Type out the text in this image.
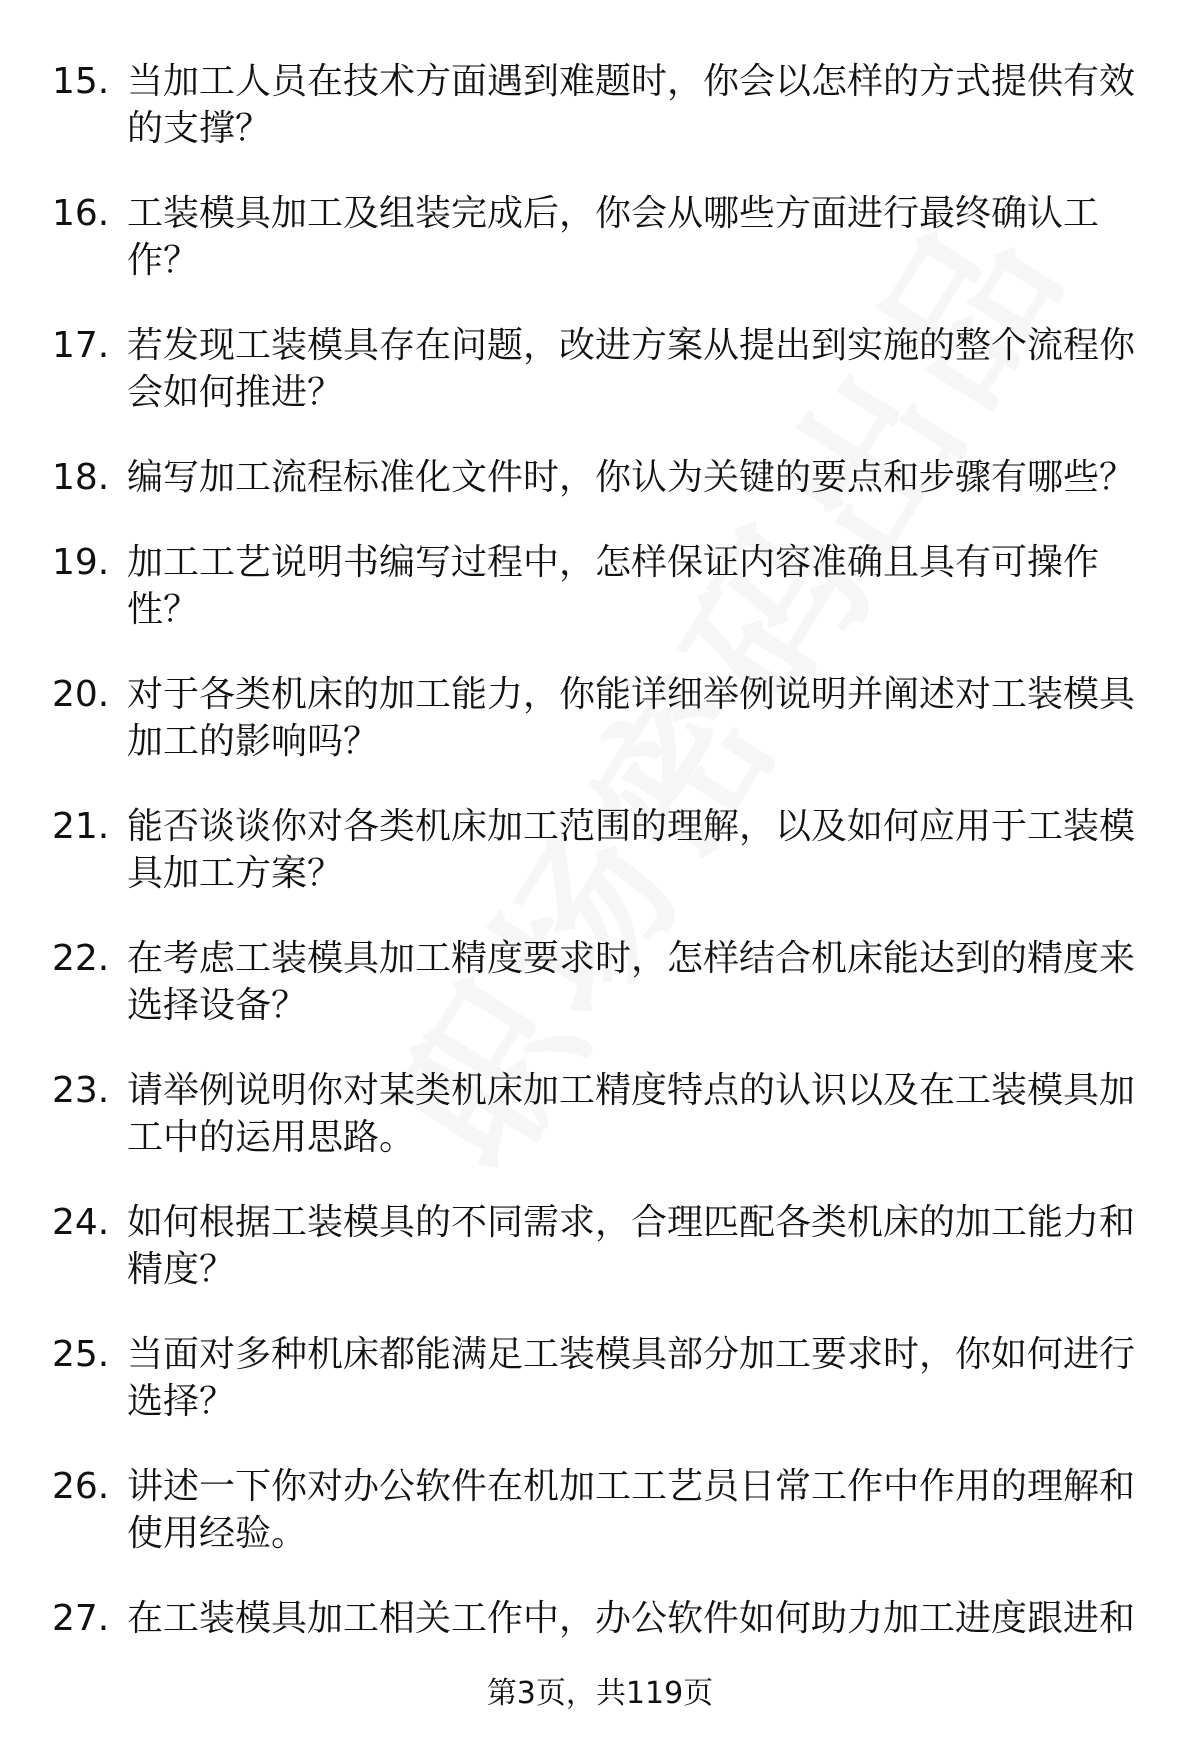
15. 当加工人员在技术方面遇到难题时，你会以怎样的方式提供有效的支撑？
16. 工装模具加工及组装完成后，你会从哪些方面进行最终确认工作？
17. 若发现工装模具存在问题，改进方案从提出到实施的整个流程你会如何推进？
18. 编写加工流程标准化文件时，你认为关键的要点和步骤有哪些？
19. 加工工艺说明书编写过程中，怎样保证内容准确且具有可操作性？
20. 对于各类机床的加工能力，你能详细举例说明并阐述对工装模具加工的影响吗？
21. 能否谈谈你对各类机床加工范围的理解，以及如何应用于工装模具加工方案？
22. 在考虑工装模具加工精度要求时，怎样结合机床能达到的精度来选择设备？
23. 请举例说明你对某类机床加工精度特点的认识以及在工装模具加工中的运用思路。
24. 如何根据工装模具的不同需求，合理匹配各类机床的加工能力和精度？
25. 当面对多种机床都能满足工装模具部分加工要求时，你如何进行选择？
26. 讲述一下你对办公软件在机加工工艺员日常工作中作用的理解和使用经验。
27. 在工装模具加工相关工作中，办公软件如何助力加工进度跟进和
第3页，共119页
